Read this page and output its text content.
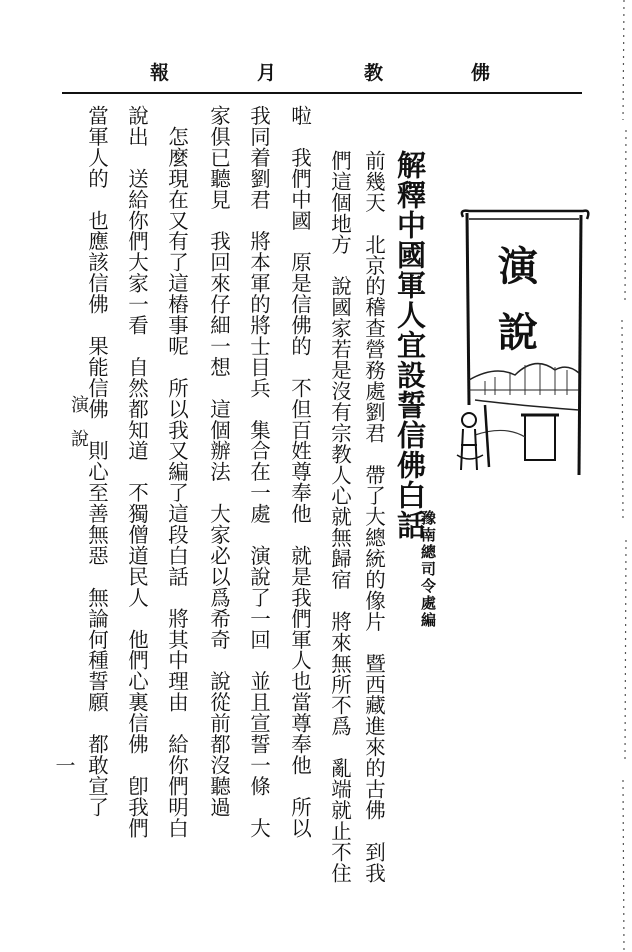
報	月	教	佛
演
說
解釋中國軍人宜設誓信佛白話
豫南總司令處編
前幾天　北京的稽查營務處劉君　帶了大總統的像片　暨西藏進來的古佛　到我
們這個地方　說國家若是沒有宗教人心就無歸宿　將來無所不爲　亂端就止不住
啦　我們中國　原是信佛的　不但百姓尊奉他　就是我們軍人也當尊奉他　所以
我同着劉君　將本軍的將士目兵　集合在一處　演說了一回　並且宣誓一條　大
家俱已聽見　我回來仔細一想　這個辦法　大家必以爲希奇　說從前都沒聽過
　怎麼現在又有了這樁事呢　所以我又編了這段白話　將其中理由　給你們明白
說出　送給你們大家一看　自然都知道　不獨僧道民人　他們心裏信佛　卽我們
當軍人的　也應該信佛　果能信佛　則心至善無惡　無論何種誓願　都敢宣了
演說
一
